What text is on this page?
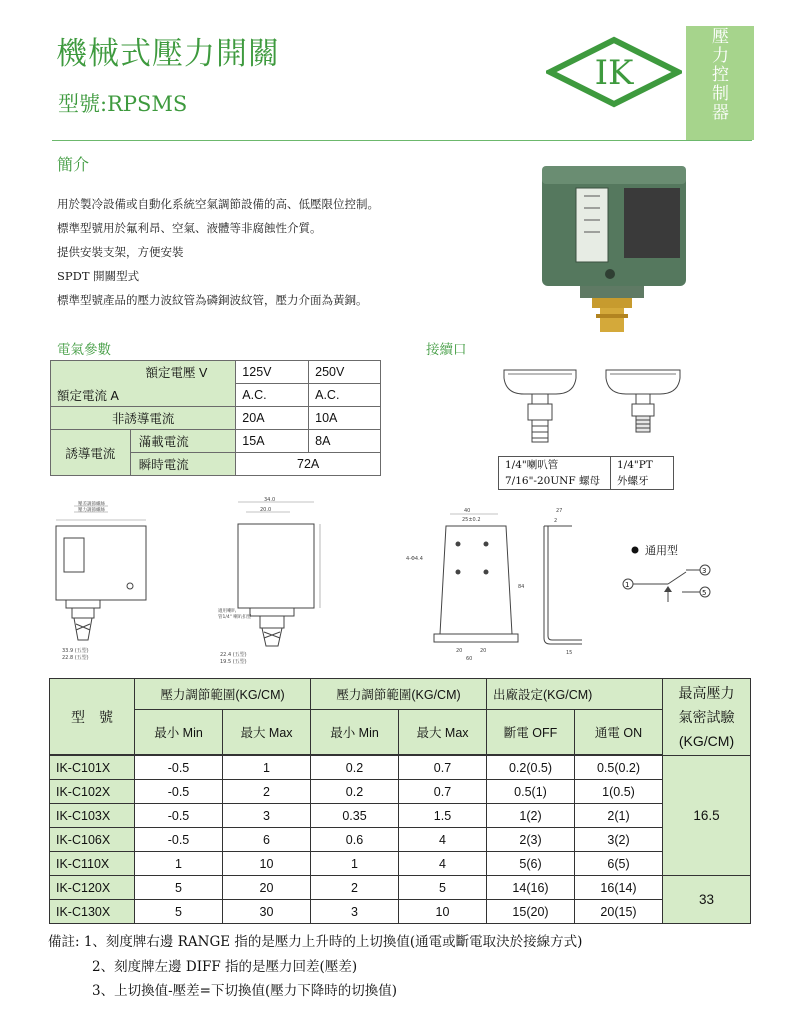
機械式壓力開關
型號:RPSMS
IK
壓力控制器
簡介
用於製冷設備或自動化系統空氣調節設備的高、低壓限位控制。
標準型號用於氟利昂、空氣、液體等非腐蝕性介質。
提供安裝支架，方便安裝
SPDT 開關型式
標準型號產品的壓力波紋管為磷銅波紋管，壓力介面為黃銅。
電氣參數
額定電壓 V		125V	250V
額定電流 A		A.C.	A.C.
非誘導電流		20A	10A
誘導電流	滿載電流	15A	8A
	瞬時電流	72A	
接續口
1/4"喇叭管	1/4"PT
7/16"-20UNF 螺母	外螺牙
33.9 (五型)
22.8 (五型)
壓差調節螺絲
壓力調節螺絲
34.0
20.0
22.4 (五型)
19.5 (五型)
適用喇叭
管1/4" 喇叭扣型
40
25±0.2
4-Φ4.4
20	20
60
84
27
2
15
通用型
1
3
5
型　號	壓力調節範圍(KG/CM)		壓力調節範圍(KG/CM)		出廠設定(KG/CM)		最高壓力
氣密試驗
(KG/CM)

	最小 Min	最大 Max	最小 Min	最大 Max	斷電 OFF	通電 ON	

IK-C101X	-0.5	1	0.2	0.7	0.2(0.5)	0.5(0.2)	16.5
IK-C102X	-0.5	2	0.2	0.7	0.5(1)	1(0.5)	
IK-C103X	-0.5	3	0.35	1.5	1(2)	2(1)	
IK-C106X	-0.5	6	0.6	4	2(3)	3(2)	
IK-C110X	1	10	1	4	5(6)	6(5)	
IK-C120X	5	20	2	5	14(16)	16(14)	33
IK-C130X	5	30	3	10	15(20)	20(15)	
備註: 1、刻度牌右邊 RANGE 指的是壓力上升時的上切換值(通電或斷電取決於接線方式)
2、刻度牌左邊 DIFF 指的是壓力回差(壓差)
3、上切換值-壓差=下切換值(壓力下降時的切換值)
